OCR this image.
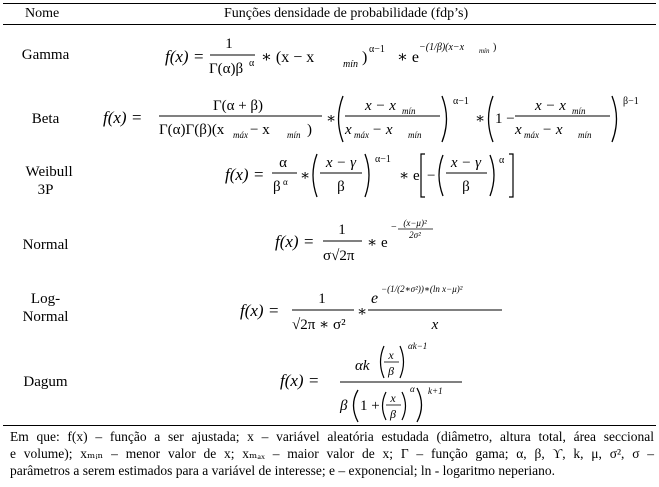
Nome	Funções densidade de probabilidade (fdp’s)
Gamma
Beta
Weibull 3P
Normal
Log-Normal
Dagum
f(x) =
1
Γ(α)β α ∗ (x − x	mín ) α−1 ∗ e
−(1/β)(x−x mín )
f(x) =
Γ(α + β)
Γ(α)Γ(β)(x máx − x mín )
∗
x − x mín
x máx − x mín
α−1
∗ 1 −
x − x mín
x máx − x mín
β−1
f(x) =
α
β α ∗
x − γ
β
α−1
∗ e −
x − γ
β
α
f(x) =
1
σ√2π
∗ e
− (x−μ)²
2σ²
f(x) =
1
√2π ∗ σ²
∗
e
−(1/(2∗σ²))∗(ln x−μ)²
x
f(x) =
αk
x
β
αk−1
β 1 + x
β
α k+1
Em que: f(x) – função a ser ajustada; x – variável aleatória estudada (diâmetro, altura total, área seccional
e volume); xₘᵢₙ – menor valor de x; xₘₐₓ – maior valor de x; Γ – função gama; α, β, ϒ, k, μ, σ², σ –
parâmetros a serem estimados para a variável de interesse; e – exponencial; ln - logaritmo neperiano.
